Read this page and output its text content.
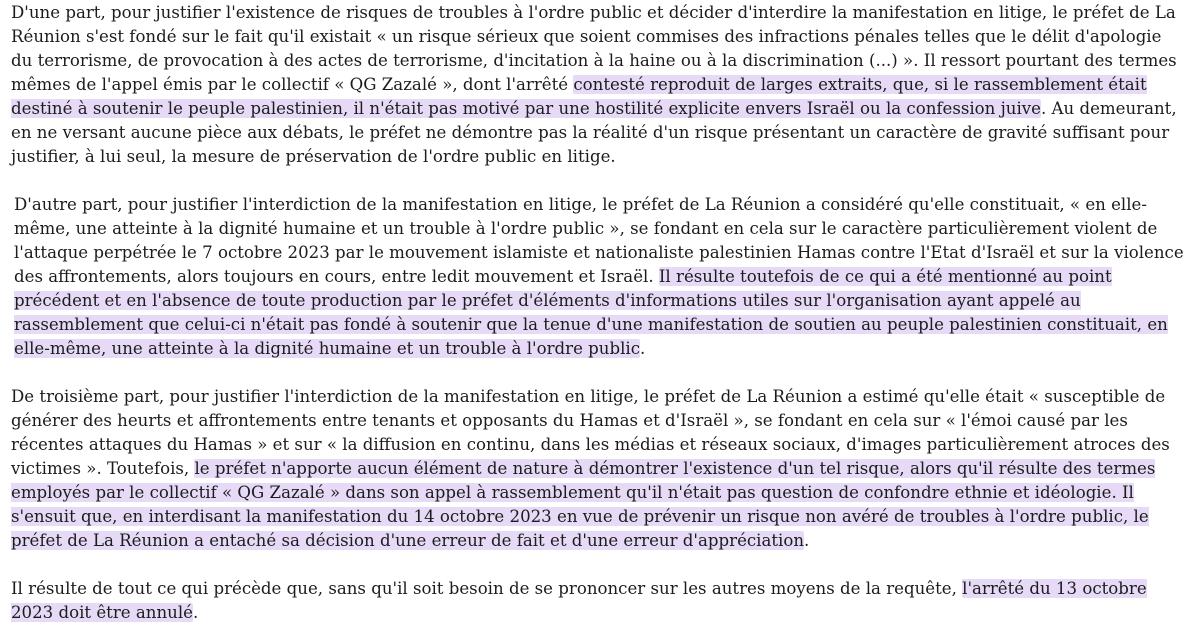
D'une part, pour justifier l'existence de risques de troubles à l'ordre public et décider d'interdire la manifestation en litige, le préfet de La Réunion s'est fondé sur le fait qu'il existait « un risque sérieux que soient commises des infractions pénales telles que le délit d'apologie du terrorisme, de provocation à des actes de terrorisme, d'incitation à la haine ou à la discrimination (...) ». Il ressort pourtant des termes mêmes de l'appel émis par le collectif « QG Zazalé », dont l'arrêté contesté reproduit de larges extraits, que, si le rassemblement était destiné à soutenir le peuple palestinien, il n'était pas motivé par une hostilité explicite envers Israël ou la confession juive. Au demeurant, en ne versant aucune pièce aux débats, le préfet ne démontre pas la réalité d'un risque présentant un caractère de gravité suffisant pour justifier, à lui seul, la mesure de préservation de l'ordre public en litige.

D'autre part, pour justifier l'interdiction de la manifestation en litige, le préfet de La Réunion a considéré qu'elle constituait, « en elle-même, une atteinte à la dignité humaine et un trouble à l'ordre public », se fondant en cela sur le caractère particulièrement violent de l'attaque perpétrée le 7 octobre 2023 par le mouvement islamiste et nationaliste palestinien Hamas contre l'Etat d'Israël et sur la violence des affrontements, alors toujours en cours, entre ledit mouvement et Israël. Il résulte toutefois de ce qui a été mentionné au point précédent et en l'absence de toute production par le préfet d'éléments d'informations utiles sur l'organisation ayant appelé au rassemblement que celui-ci n'était pas fondé à soutenir que la tenue d'une manifestation de soutien au peuple palestinien constituait, en elle-même, une atteinte à la dignité humaine et un trouble à l'ordre public.

De troisième part, pour justifier l'interdiction de la manifestation en litige, le préfet de La Réunion a estimé qu'elle était « susceptible de générer des heurts et affrontements entre tenants et opposants du Hamas et d'Israël », se fondant en cela sur « l'émoi causé par les récentes attaques du Hamas » et sur « la diffusion en continu, dans les médias et réseaux sociaux, d'images particulièrement atroces des victimes ». Toutefois, le préfet n'apporte aucun élément de nature à démontrer l'existence d'un tel risque, alors qu'il résulte des termes employés par le collectif « QG Zazalé » dans son appel à rassemblement qu'il n'était pas question de confondre ethnie et idéologie. Il s'ensuit que, en interdisant la manifestation du 14 octobre 2023 en vue de prévenir un risque non avéré de troubles à l'ordre public, le préfet de La Réunion a entaché sa décision d'une erreur de fait et d'une erreur d'appréciation.

Il résulte de tout ce qui précède que, sans qu'il soit besoin de se prononcer sur les autres moyens de la requête, l'arrêté du 13 octobre 2023 doit être annulé.
